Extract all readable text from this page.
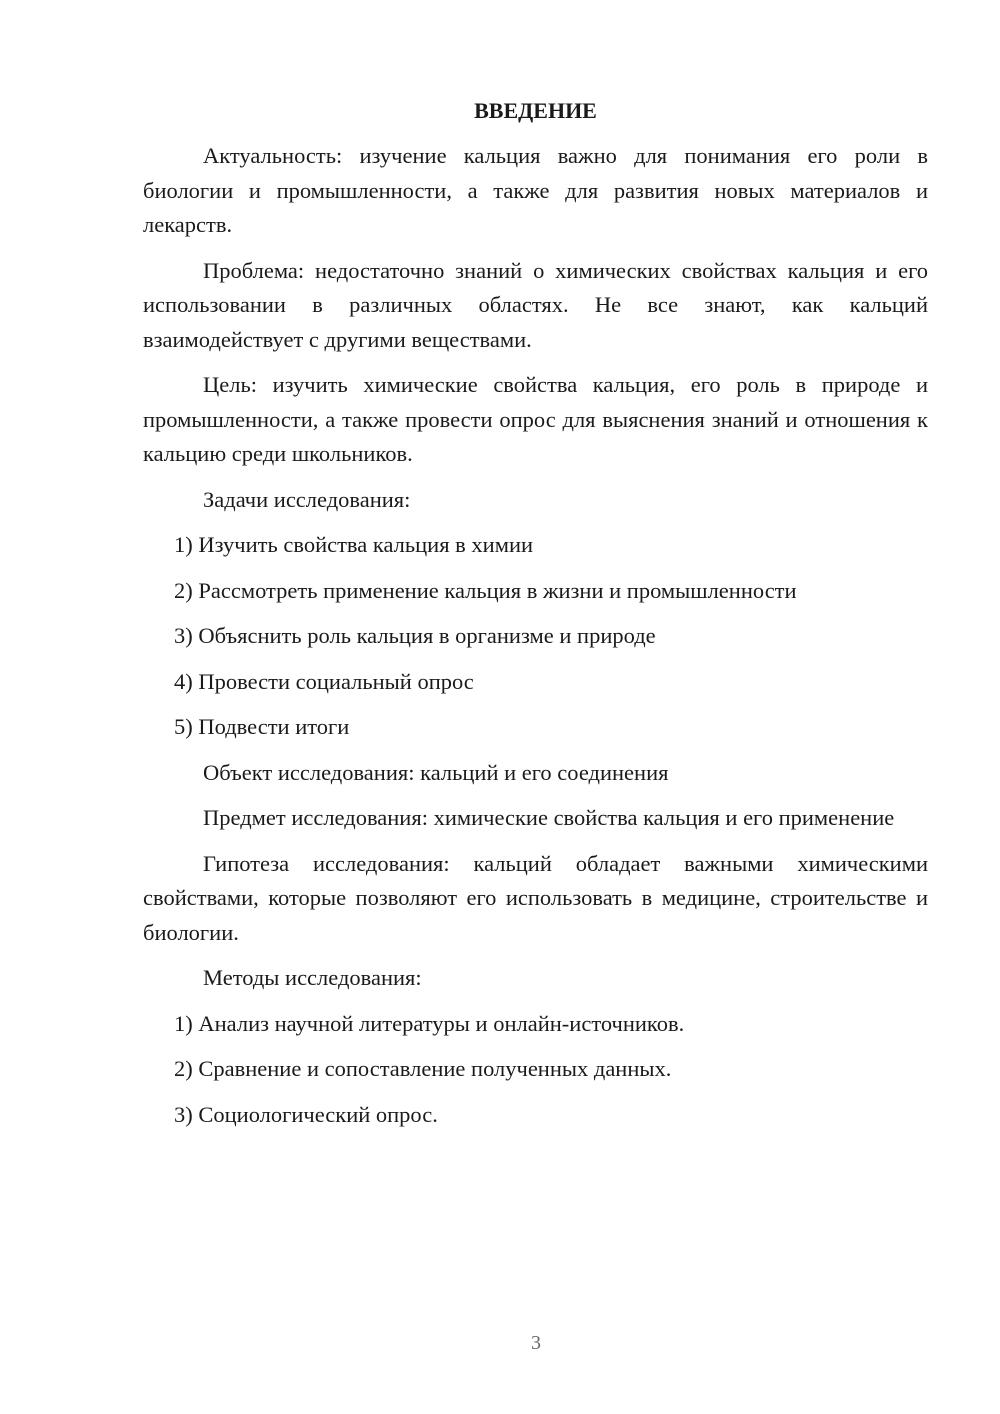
ВВЕДЕНИЕ
Актуальность: изучение кальция важно для понимания его роли в биологии и промышленности, а также для развития новых материалов и лекарств.
Проблема: недостаточно знаний о химических свойствах кальция и его использовании в различных областях. Не все знают, как кальций взаимодействует с другими веществами.
Цель: изучить химические свойства кальция, его роль в природе и промышленности, а также провести опрос для выяснения знаний и отношения к кальцию среди школьников.
Задачи исследования:
1) Изучить свойства кальция в химии
2) Рассмотреть применение кальция в жизни и промышленности
3) Объяснить роль кальция в организме и природе
4) Провести социальный опрос
5) Подвести итоги
Объект исследования: кальций и его соединения
Предмет исследования: химические свойства кальция и его применение
Гипотеза исследования: кальций обладает важными химическими свойствами, которые позволяют его использовать в медицине, строительстве и биологии.
Методы исследования:
1) Анализ научной литературы и онлайн-источников.
2) Сравнение и сопоставление полученных данных.
3) Социологический опрос.
3
